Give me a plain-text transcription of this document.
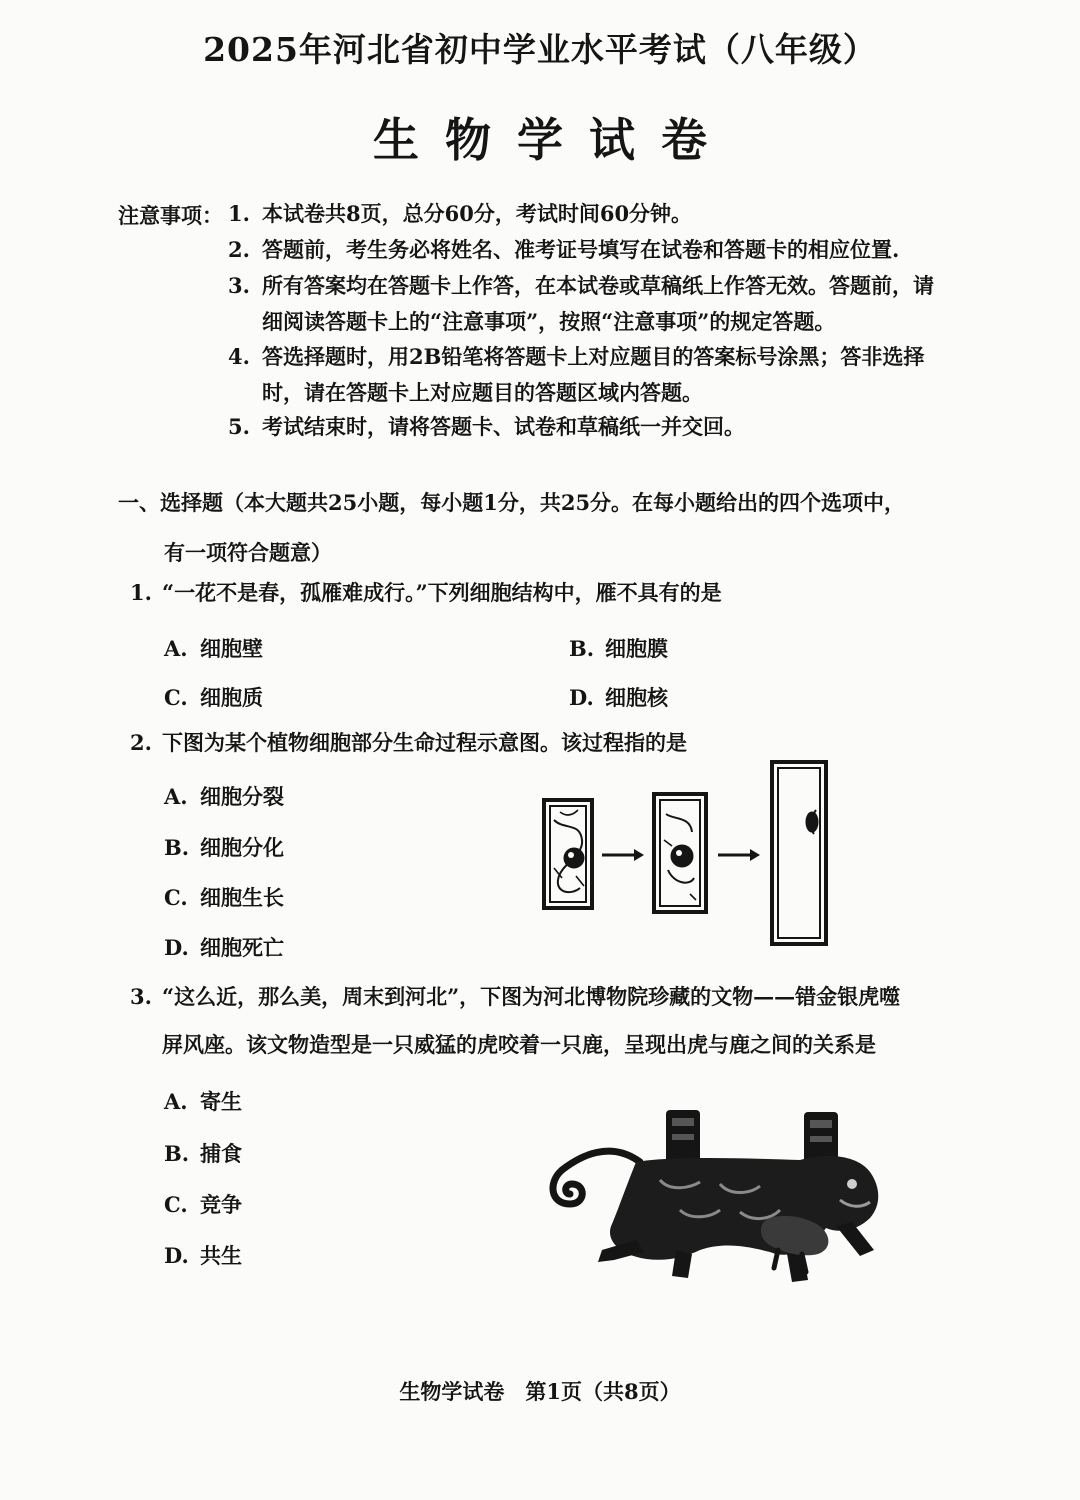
2025年河北省初中学业水平考试（八年级）
生物学试卷
注意事项： 1. 本试卷共8页，总分60分，考试时间60分钟。
2. 答题前，考生务必将姓名、准考证号填写在试卷和答题卡的相应位置.
3. 所有答案均在答题卡上作答，在本试卷或草稿纸上作答无效。答题前，请
细阅读答题卡上的“注意事项”，按照“注意事项”的规定答题。
4. 答选择题时，用2B铅笔将答题卡上对应题目的答案标号涂黑；答非选择
时，请在答题卡上对应题目的答题区域内答题。
5. 考试结束时，请将答题卡、试卷和草稿纸一并交回。
一、选择题（本大题共25小题，每小题1分，共25分。在每小题给出的四个选项中，
有一项符合题意）
1. “一花不是春，孤雁难成行。”下列细胞结构中，雁不具有的是
A. 细胞壁	B. 细胞膜
C. 细胞质	D. 细胞核
2. 下图为某个植物细胞部分生命过程示意图。该过程指的是
A. 细胞分裂
B. 细胞分化
C. 细胞生长
D. 细胞死亡
3. “这么近，那么美，周末到河北”，下图为河北博物院珍藏的文物——错金银虎噬
屏风座。该文物造型是一只威猛的虎咬着一只鹿，呈现出虎与鹿之间的关系是
A. 寄生
B. 捕食
C. 竞争
D. 共生
生物学试卷　第1页（共8页）
